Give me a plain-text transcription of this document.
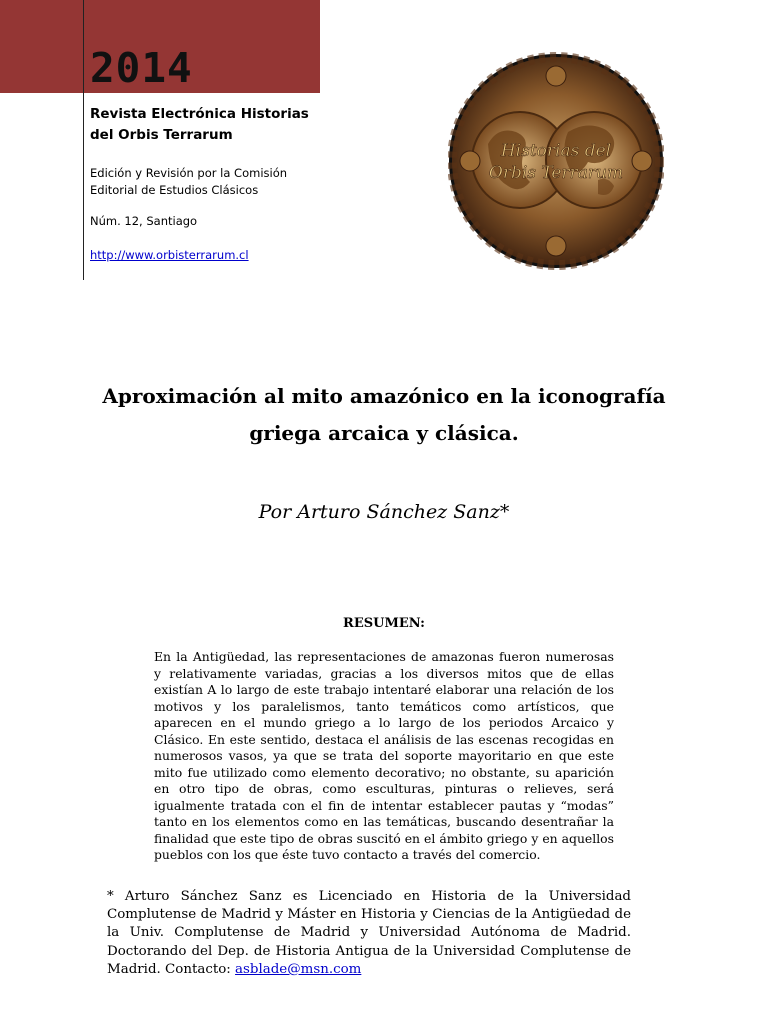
2014

Revista Electrónica Historias del Orbis Terrarum

Edición y Revisión por la Comisión Editorial de Estudios Clásicos

Núm. 12, Santiago

http://www.orbisterrarum.cl
Historias del
Orbis Terrarum
Aproximación al mito amazónico en la iconografía griega arcaica y clásica.
Por Arturo Sánchez Sanz*
RESUMEN:
En la Antigüedad, las representaciones de amazonas fueron numerosas y relativamente variadas, gracias a los diversos mitos que de ellas existían A lo largo de este trabajo intentaré elaborar una relación de los motivos y los paralelismos, tanto temáticos como artísticos, que aparecen en el mundo griego a lo largo de los periodos Arcaico y Clásico. En este sentido, destaca el análisis de las escenas recogidas en numerosos vasos, ya que se trata del soporte mayoritario en que este mito fue utilizado como elemento decorativo; no obstante, su aparición en otro tipo de obras, como esculturas, pinturas o relieves, será igualmente tratada con el fin de intentar establecer pautas y “modas” tanto en los elementos como en las temáticas, buscando desentrañar la finalidad que este tipo de obras suscitó en el ámbito griego y en aquellos pueblos con los que éste tuvo contacto a través del comercio.
* Arturo Sánchez Sanz es Licenciado en Historia de la Universidad Complutense de Madrid y Máster en Historia y Ciencias de la Antigüedad de la Univ. Complutense de Madrid y Universidad Autónoma de Madrid. Doctorando del Dep. de Historia Antigua de la Universidad Complutense de Madrid. Contacto: asblade@msn.com
